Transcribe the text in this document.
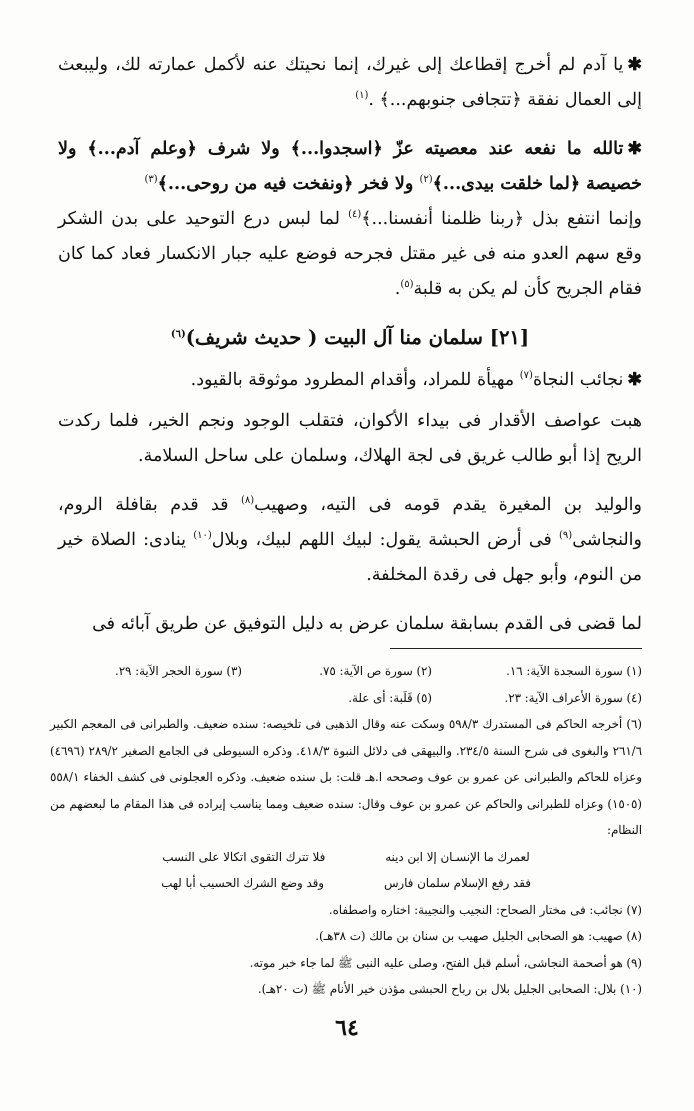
✱يا آدم لم أخرج إقطاعك إلى غيرك، إنما نحيتك عنه لأكمل عمارته لك، وليبعث إلى العمال نفقة ﴿تتجافى جنوبهم...﴾ .$^{(١)}$

✱تالله ما نفعه عند معصيته عزّ ﴿اسجدوا...﴾ ولا شرف ﴿وعلم آدم...﴾ ولا خصيصة ﴿لما خلقت بيدى...﴾$^{(٢)}$ ولا فخر ﴿ونفخت فيه من روحى...﴾$^{(٣)}$
وإنما انتفع بذل ﴿ربنا ظلمنا أنفسنا...﴾$^{(٤)}$ لما لبس درع التوحيد على بدن الشكر وقع سهم العدو منه فى غير مقتل فجرحه فوضع عليه جبار الانكسار فعاد كما كان فقام الجريح كأن لم يكن به قلبة$^{(٥)}$.

[٢١] سلمان منا آل البيت ( حديث شريف)$^{(٦)}$

✱نجائب النجاة$^{(٧)}$ مهيأة للمراد، وأقدام المطرود موثوقة بالقيود.

هبت عواصف الأقدار فى بيداء الأكوان، فتقلب الوجود ونجم الخير، فلما ركدت الريح إذا أبو طالب غريق فى لجة الهلاك، وسلمان على ساحل السلامة.

والوليد بن المغيرة يقدم قومه فى التيه، وصهيب$^{(٨)}$ قد قدم بقافلة الروم، والنجاشى$^{(٩)}$ فى أرض الحبشة يقول: لبيك اللهم لبيك، وبلال$^{(١٠)}$ ينادى: الصلاة خير من النوم، وأبو جهل فى رقدة المخلفة.

لما قضى فى القدم بسابقة سلمان عرض به دليل التوفيق عن طريق آبائه فى

(١) سورة السجدة الآية: ١٦.
(٢) سورة ص الآية: ٧٥.
(٣) سورة الحجر الآية: ٢٩.
(٤) سورة الأعراف الآية: ٢٣.
(٥) قَلَبة: أى علة.

(٦) أخرجه الحاكم فى المستدرك ٥٩٨/٣ وسكت عنه وقال الذهبى فى تلخيصه: سنده ضعيف. والطبرانى فى المعجم الكبير ٢٦١/٦ والبغوى فى شرح السنة ٢٣٤/٥. والبيهقى فى دلائل النبوة ٤١٨/٣. وذكره السيوطى فى الجامع الصغير ٢٨٩/٢ (٤٦٩٦) وعزاه للحاكم والطبرانى عن عمرو بن عوف وصححه ا.هـ قلت: بل سنده ضعيف. وذكره العجلونى فى كشف الخفاء ٥٥٨/١ (١٥٠٥) وعزاه للطبرانى والحاكم عن عمرو بن عوف وقال: سنده ضعيف ومما يناسب إيراده فى هذا المقام ما لبعضهم من النظام:

لعمرك ما الإنسـان إلا ابن دينه
فلا تترك التقوى اتكالا على النسب
فقد رفع الإسلام سلمان فارس
وقد وضع الشرك الحسيب أبا لهب

(٧) نجائب: فى مختار الصحاح: النجيب والنجيبة: اختاره واصطفاه.

(٨) صهيب: هو الصحابى الجليل صهيب بن سنان بن مالك (ت ٣٨هـ).

(٩) هو أصحمة النجاشى، أسلم قبل الفتح، وصلى عليه النبى ﷺ لما جاء خبر موته.

(١٠) بلال: الصحابى الجليل بلال بن رباح الحبشى مؤذن خير الأنام ﷺ (ت ٢٠هـ).

٦٤
